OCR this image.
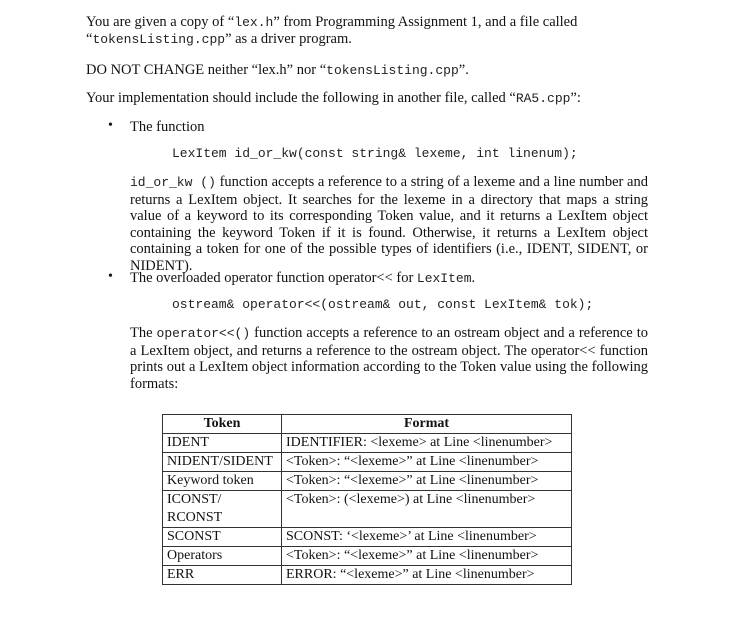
You are given a copy of “lex.h” from Programming Assignment 1, and a file called
“tokensListing.cpp” as a driver program.
DO NOT CHANGE neither “lex.h” nor “tokensListing.cpp”.
Your implementation should include the following in another file, called “RA5.cpp”:
• The function
LexItem id_or_kw(const string& lexeme, int linenum);
id_or_kw () function accepts a reference to a string of a lexeme and a line number and returns a LexItem object. It searches for the lexeme in a directory that maps a string value of a keyword to its corresponding Token value, and it returns a LexItem object containing the keyword Token if it is found. Otherwise, it returns a LexItem object containing a token for one of the possible types of identifiers (i.e., IDENT, SIDENT, or NIDENT).
• The overloaded operator function operator<< for LexItem.
ostream& operator<<(ostream& out, const LexItem& tok);
The operator<<() function accepts a reference to an ostream object and a reference to a LexItem object, and returns a reference to the ostream object. The operator<< function prints out a LexItem object information according to the Token value using the following formats:
Token	Format
IDENT	IDENTIFIER: <lexeme> at Line <linenumber>
NIDENT/SIDENT	<Token>: “<lexeme>” at Line <linenumber>
Keyword token	<Token>: “<lexeme>” at Line <linenumber>
ICONST/	<Token>: (<lexeme>) at Line <linenumber>
RCONST	
SCONST	SCONST: ‘<lexeme>’ at Line <linenumber>
Operators	<Token>: “<lexeme>” at Line <linenumber>
ERR	ERROR: “<lexeme>” at Line <linenumber>
